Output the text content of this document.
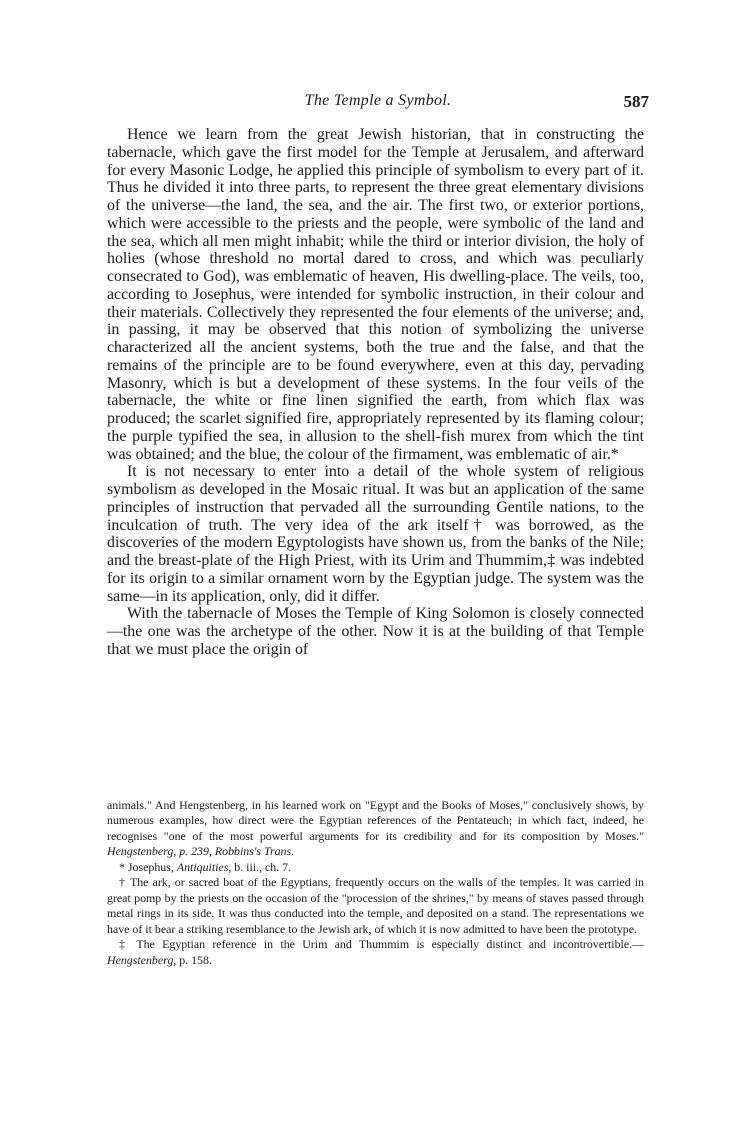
The Temple a Symbol.	587

Hence we learn from the great Jewish historian, that in constructing the tabernacle, which gave the first model for the Temple at Jerusalem, and afterward for every Masonic Lodge, he applied this principle of symbolism to every part of it. Thus he divided it into three parts, to represent the three great elementary divisions of the universe—the land, the sea, and the air. The first two, or exterior portions, which were accessible to the priests and the people, were symbolic of the land and the sea, which all men might inhabit; while the third or interior division, the holy of holies (whose threshold no mortal dared to cross, and which was peculiarly consecrated to God), was emblematic of heaven, His dwelling-place. The veils, too, according to Josephus, were intended for symbolic instruction, in their colour and their materials. Collectively they represented the four elements of the universe; and, in passing, it may be observed that this notion of symbolizing the universe characterized all the ancient systems, both the true and the false, and that the remains of the principle are to be found everywhere, even at this day, pervading Masonry, which is but a development of these systems. In the four veils of the tabernacle, the white or fine linen signified the earth, from which flax was produced; the scarlet signified fire, appropriately represented by its flaming colour; the purple typified the sea, in allusion to the shell-fish murex from which the tint was obtained; and the blue, the colour of the firmament, was emblematic of air.*

It is not necessary to enter into a detail of the whole system of religious symbolism as developed in the Mosaic ritual. It was but an application of the same principles of instruction that pervaded all the surrounding Gentile nations, to the inculcation of truth. The very idea of the ark itself† was borrowed, as the discoveries of the modern Egyptologists have shown us, from the banks of the Nile; and the breast-plate of the High Priest, with its Urim and Thummim,‡ was indebted for its origin to a similar ornament worn by the Egyptian judge. The system was the same—in its application, only, did it differ.

With the tabernacle of Moses the Temple of King Solomon is closely connected—the one was the archetype of the other. Now it is at the building of that Temple that we must place the origin of

animals." And Hengstenberg, in his learned work on "Egypt and the Books of Moses," conclusively shows, by numerous examples, how direct were the Egyptian references of the Pentateuch; in which fact, indeed, he recognises "one of the most powerful arguments for its credibility and for its composition by Moses." Hengstenberg, p. 239, Robbins's Trans.

* Josephus, Antiquities, b. iii., ch. 7.

† The ark, or sacred boat of the Egyptians, frequently occurs on the walls of the temples. It was carried in great pomp by the priests on the occasion of the "procession of the shrines," by means of staves passed through metal rings in its side. It was thus conducted into the temple, and deposited on a stand. The representations we have of it bear a striking resemblance to the Jewish ark, of which it is now admitted to have been the prototype.

‡ The Egyptian reference in the Urim and Thummim is especially distinct and incontrovertible.—Hengstenberg, p. 158.
